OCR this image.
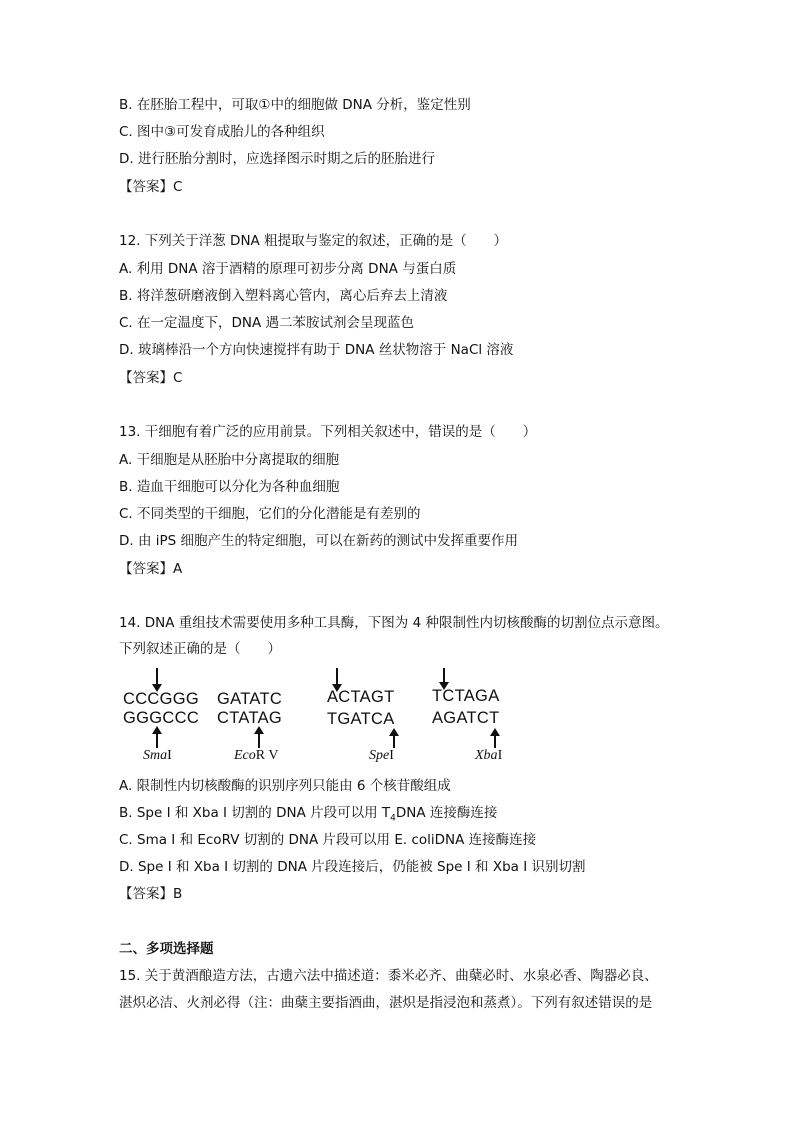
B. 在胚胎工程中，可取①中的细胞做 DNA 分析，鉴定性别
C. 图中③可发育成胎儿的各种组织
D. 进行胚胎分割时，应选择图示时期之后的胚胎进行
【答案】C
12. 下列关于洋葱 DNA 粗提取与鉴定的叙述，正确的是（　　）
A. 利用 DNA 溶于酒精的原理可初步分离 DNA 与蛋白质
B. 将洋葱研磨液倒入塑料离心管内，离心后弃去上清液
C. 在一定温度下，DNA 遇二苯胺试剂会呈现蓝色
D. 玻璃棒沿一个方向快速搅拌有助于 DNA 丝状物溶于 NaCl 溶液
【答案】C
13. 干细胞有着广泛的应用前景。下列相关叙述中，错误的是（　　）
A. 干细胞是从胚胎中分离提取的细胞
B. 造血干细胞可以分化为各种血细胞
C. 不同类型的干细胞，它们的分化潜能是有差别的
D. 由 iPS 细胞产生的特定细胞，可以在新药的测试中发挥重要作用
【答案】A
14. DNA 重组技术需要使用多种工具酶，下图为 4 种限制性内切核酸酶的切割位点示意图。
下列叙述正确的是（　　）
CCCGGG
GGGCCC
SmaI
GATATC
CTATAG
EcoR V
ACTAGT
TGATCA
SpeI
TCTAGA
AGATCT
XbaI
A. 限制性内切核酸酶的识别序列只能由 6 个核苷酸组成
B. Spe I 和 Xba I 切割的 DNA 片段可以用 $T_4DNA$ 连接酶连接
C. Sma I 和 EcoRV 切割的 DNA 片段可以用 E. coliDNA 连接酶连接
D. Spe I 和 Xba I 切割的 DNA 片段连接后，仍能被 Spe I 和 Xba I 识别切割
【答案】B
二、多项选择题
15. 关于黄酒酿造方法，古遗六法中描述道：黍米必齐、曲蘖必时、水泉必香、陶器必良、
湛炽必洁、火剂必得（注：曲蘖主要指酒曲，湛炽是指浸泡和蒸煮）。下列有叙述错误的是
